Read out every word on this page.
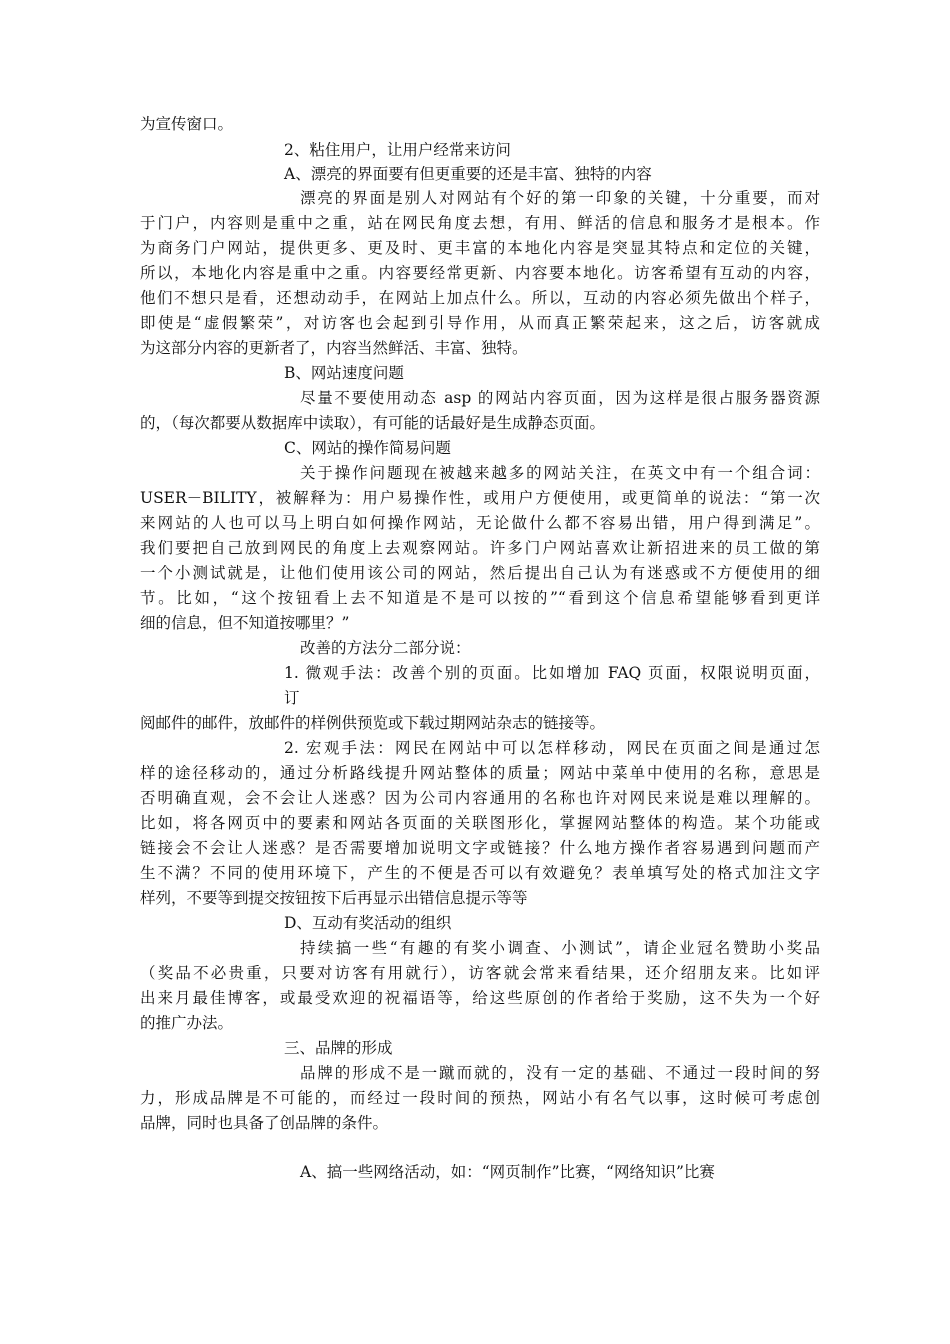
为宣传窗口。
2、粘住用户，让用户经常来访问
A、漂亮的界面要有但更重要的还是丰富、独特的内容
漂亮的界面是别人对网站有个好的第一印象的关键，十分重要，而对
于门户，内容则是重中之重，站在网民角度去想，有用、鲜活的信息和服务才是根本。作
为商务门户网站，提供更多、更及时、更丰富的本地化内容是突显其特点和定位的关键，
所以，本地化内容是重中之重。内容要经常更新、内容要本地化。访客希望有互动的内容，
他们不想只是看，还想动动手，在网站上加点什么。所以，互动的内容必须先做出个样子，
即使是“虚假繁荣”，对访客也会起到引导作用，从而真正繁荣起来，这之后，访客就成
为这部分内容的更新者了，内容当然鲜活、丰富、独特。
B、网站速度问题
尽量不要使用动态 asp 的网站内容页面，因为这样是很占服务器资源
的，（每次都要从数据库中读取），有可能的话最好是生成静态页面。
C、网站的操作简易问题
关于操作问题现在被越来越多的网站关注，在英文中有一个组合词：
USER－BILITY，被解释为：用户易操作性，或用户方便使用，或更简单的说法：“第一次
来网站的人也可以马上明白如何操作网站，无论做什么都不容易出错，用户得到满足”。
我们要把自己放到网民的角度上去观察网站。许多门户网站喜欢让新招进来的员工做的第
一个小测试就是，让他们使用该公司的网站，然后提出自己认为有迷惑或不方便使用的细
节。比如，“这个按钮看上去不知道是不是可以按的”“看到这个信息希望能够看到更详
细的信息，但不知道按哪里？”
改善的方法分二部分说：
1. 微观手法：改善个别的页面。比如增加 FAQ 页面，权限说明页面，
订
阅邮件的邮件，放邮件的样例供预览或下载过期网站杂志的链接等。
2. 宏观手法：网民在网站中可以怎样移动，网民在页面之间是通过怎
样的途径移动的，通过分析路线提升网站整体的质量；网站中菜单中使用的名称，意思是
否明确直观，会不会让人迷惑？因为公司内容通用的名称也许对网民来说是难以理解的。
比如，将各网页中的要素和网站各页面的关联图形化，掌握网站整体的构造。某个功能或
链接会不会让人迷惑？是否需要增加说明文字或链接？什么地方操作者容易遇到问题而产
生不满？不同的使用环境下，产生的不便是否可以有效避免？表单填写处的格式加注文字
样列，不要等到提交按钮按下后再显示出错信息提示等等
D、互动有奖活动的组织
持续搞一些“有趣的有奖小调查、小测试”，请企业冠名赞助小奖品
（奖品不必贵重，只要对访客有用就行），访客就会常来看结果，还介绍朋友来。比如评
出来月最佳博客，或最受欢迎的祝福语等，给这些原创的作者给于奖励，这不失为一个好
的推广办法。
三、品牌的形成
品牌的形成不是一蹴而就的，没有一定的基础、不通过一段时间的努
力，形成品牌是不可能的，而经过一段时间的预热，网站小有名气以事，这时候可考虑创
品牌，同时也具备了创品牌的条件。
A、搞一些网络活动，如：“网页制作”比赛，“网络知识”比赛
